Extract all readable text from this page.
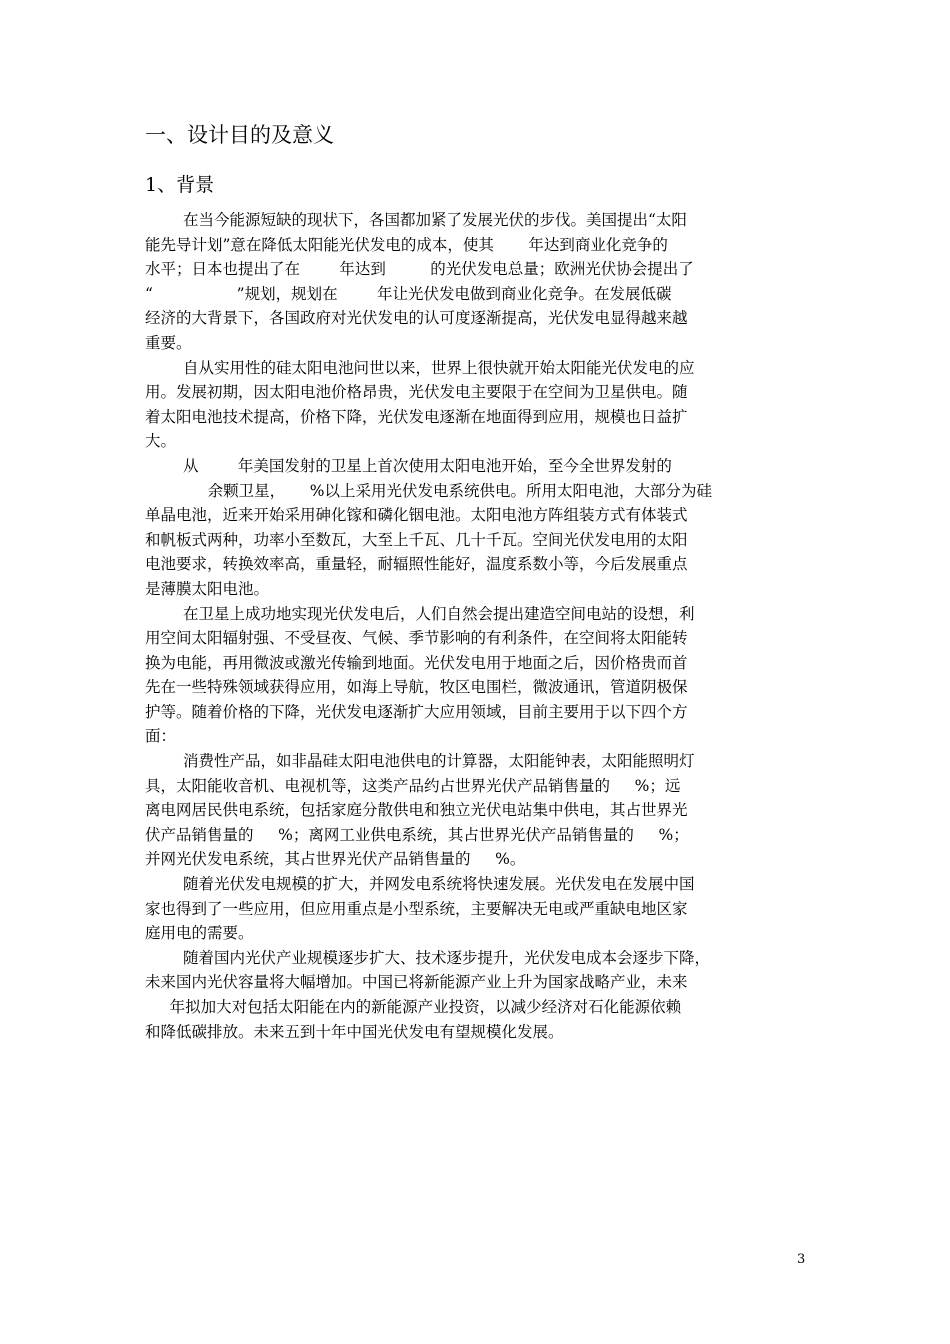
一、设计目的及意义
1、背景
在当今能源短缺的现状下，各国都加紧了发展光伏的步伐。美国提出“太阳
能先导计划”意在降低太阳能光伏发电的成本，使其       年达到商业化竞争的
水平；日本也提出了在        年达到         的光伏发电总量；欧洲光伏协会提出了
“                 ”规划，规划在        年让光伏发电做到商业化竞争。在发展低碳
经济的大背景下，各国政府对光伏发电的认可度逐渐提高，光伏发电显得越来越
重要。
自从实用性的硅太阳电池问世以来，世界上很快就开始太阳能光伏发电的应
用。发展初期，因太阳电池价格昂贵，光伏发电主要限于在空间为卫星供电。随
着太阳电池技术提高，价格下降，光伏发电逐渐在地面得到应用，规模也日益扩
大。
从        年美国发射的卫星上首次使用太阳电池开始，至今全世界发射的
余颗卫星，     %以上采用光伏发电系统供电。所用太阳电池，大部分为硅
单晶电池，近来开始采用砷化镓和磷化铟电池。太阳电池方阵组装方式有体装式
和帆板式两种，功率小至数瓦，大至上千瓦、几十千瓦。空间光伏发电用的太阳
电池要求，转换效率高，重量轻，耐辐照性能好，温度系数小等，今后发展重点
是薄膜太阳电池。
在卫星上成功地实现光伏发电后，人们自然会提出建造空间电站的设想，利
用空间太阳辐射强、不受昼夜、气候、季节影响的有利条件，在空间将太阳能转
换为电能，再用微波或激光传输到地面。光伏发电用于地面之后，因价格贵而首
先在一些特殊领域获得应用，如海上导航，牧区电围栏，微波通讯，管道阴极保
护等。随着价格的下降，光伏发电逐渐扩大应用领域，目前主要用于以下四个方
面：
消费性产品，如非晶硅太阳电池供电的计算器，太阳能钟表，太阳能照明灯
具，太阳能收音机、电视机等，这类产品约占世界光伏产品销售量的     %；远
离电网居民供电系统，包括家庭分散供电和独立光伏电站集中供电，其占世界光
伏产品销售量的     %；离网工业供电系统，其占世界光伏产品销售量的     %；
并网光伏发电系统，其占世界光伏产品销售量的     %。
随着光伏发电规模的扩大，并网发电系统将快速发展。光伏发电在发展中国
家也得到了一些应用，但应用重点是小型系统，主要解决无电或严重缺电地区家
庭用电的需要。
随着国内光伏产业规模逐步扩大、技术逐步提升，光伏发电成本会逐步下降，
未来国内光伏容量将大幅增加。中国已将新能源产业上升为国家战略产业，未来
年拟加大对包括太阳能在内的新能源产业投资，以减少经济对石化能源依赖
和降低碳排放。未来五到十年中国光伏发电有望规模化发展。
3
